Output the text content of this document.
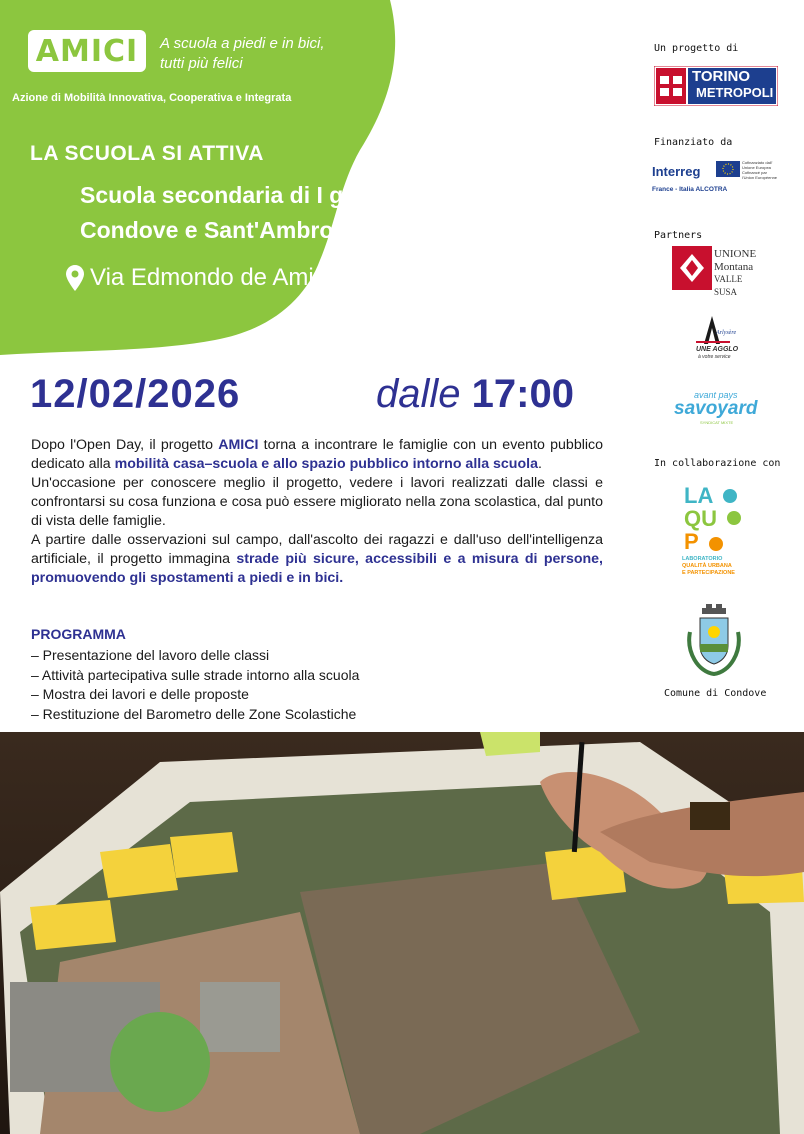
AMICI A scuola a piedi e in bici,
tutti più felici
Azione di Mobilità Innovativa, Cooperativa e Integrata
LA SCUOLA SI ATTIVA
Scuola secondaria di I grado G.F. Re - ICS
Condove e Sant'Ambrogio
Via Edmondo de Amicis 1
12/02/2026	dalle 17:00

Dopo l'Open Day, il progetto AMICI torna a incontrare le famiglie con un evento pubblico dedicato alla mobilità casa–scuola e allo spazio pubblico intorno alla scuola.

Un'occasione per conoscere meglio il progetto, vedere i lavori realizzati dalle classi e confrontarsi su cosa funziona e cosa può essere migliorato nella zona scolastica, dal punto di vista delle famiglie.

A partire dalle osservazioni sul campo, dall'ascolto dei ragazzi e dall'uso dell'intelligenza artificiale, il progetto immagina strade più sicure, accessibili e a misura di persone, promuovendo gli spostamenti a piedi e in bici.

PROGRAMMA
– Presentazione del lavoro delle classi
– Attività partecipativa sulle strade intorno alla scuola
– Mostra dei lavori e delle proposte
– Restituzione del Barometro delle Zone Scolastiche
Un progetto di
TORINO
METROPOLI
Finanziato da
Interreg
Cofinanziato dall'
Unione Europea
Cofinancé par
l'Union Européenne
France - Italia ALCOTRA
Partners
UNIONE
Montana
VALLE SUSA
Arlysère
UNE AGGLO
à votre service
avant pays
savoyard
SYNDICAT MIXTE
In collaborazione con
LA
QU
P
LABORATORIO
QUALITÀ URBANA
E PARTECIPAZIONE
Comune di Condove
